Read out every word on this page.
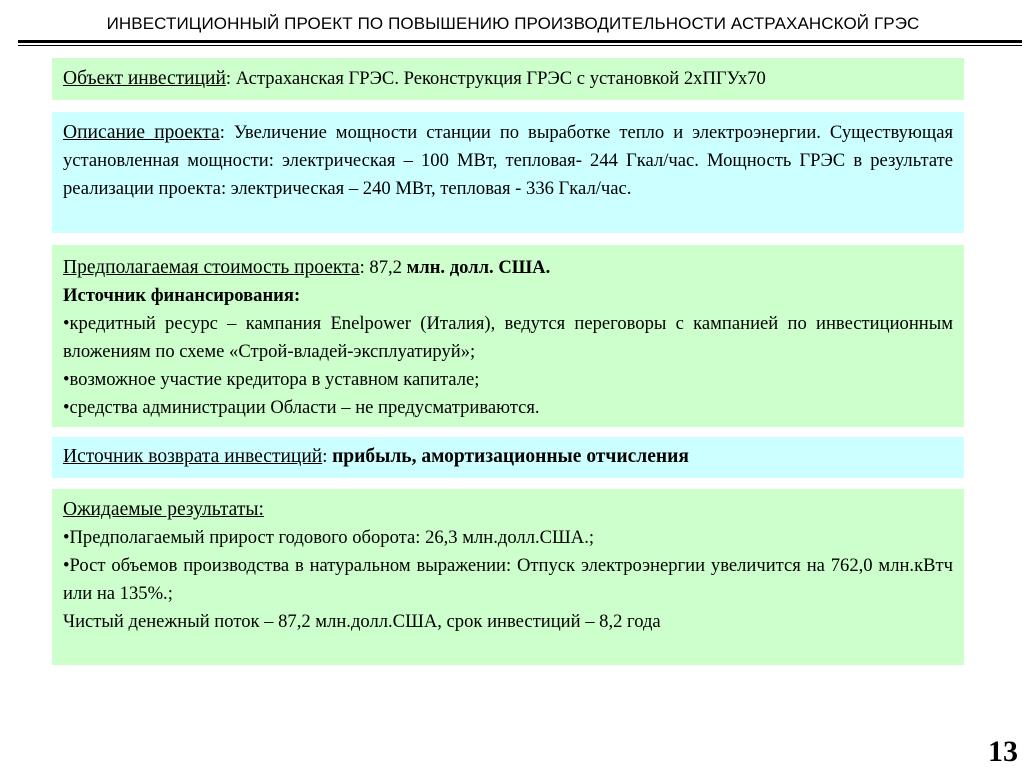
ИНВЕСТИЦИОННЫЙ ПРОЕКТ ПО ПОВЫШЕНИЮ ПРОИЗВОДИТЕЛЬНОСТИ АСТРАХАНСКОЙ ГРЭС

Объект инвестиций: Астраханская ГРЭС. Реконструкция ГРЭС с установкой 2хПГУх70

Описание проекта: Увеличение мощности станции по выработке тепло и электроэнергии. Существующая установленная мощности: электрическая – 100 МВт, тепловая- 244 Гкал/час. Мощность ГРЭС в результате реализации проекта: электрическая – 240 МВт, тепловая - 336 Гкал/час.

Предполагаемая стоимость проекта: 87,2 млн. долл. США.

Источник финансирования:

•кредитный ресурс – кампания Enelpower (Италия), ведутся переговоры с кампанией по инвестиционным вложениям по схеме «Строй-владей-эксплуатируй»;

•возможное участие кредитора в уставном капитале;

•средства администрации Области – не предусматриваются.

Источник возврата инвестиций: прибыль, амортизационные отчисления

Ожидаемые результаты:

•Предполагаемый прирост годового оборота: 26,3 млн.долл.США.;

•Рост объемов производства в натуральном выражении: Отпуск электроэнергии увеличится на 762,0 млн.кВтч или на 135%.;

Чистый денежный поток – 87,2 млн.долл.США, срок инвестиций – 8,2 года

13
